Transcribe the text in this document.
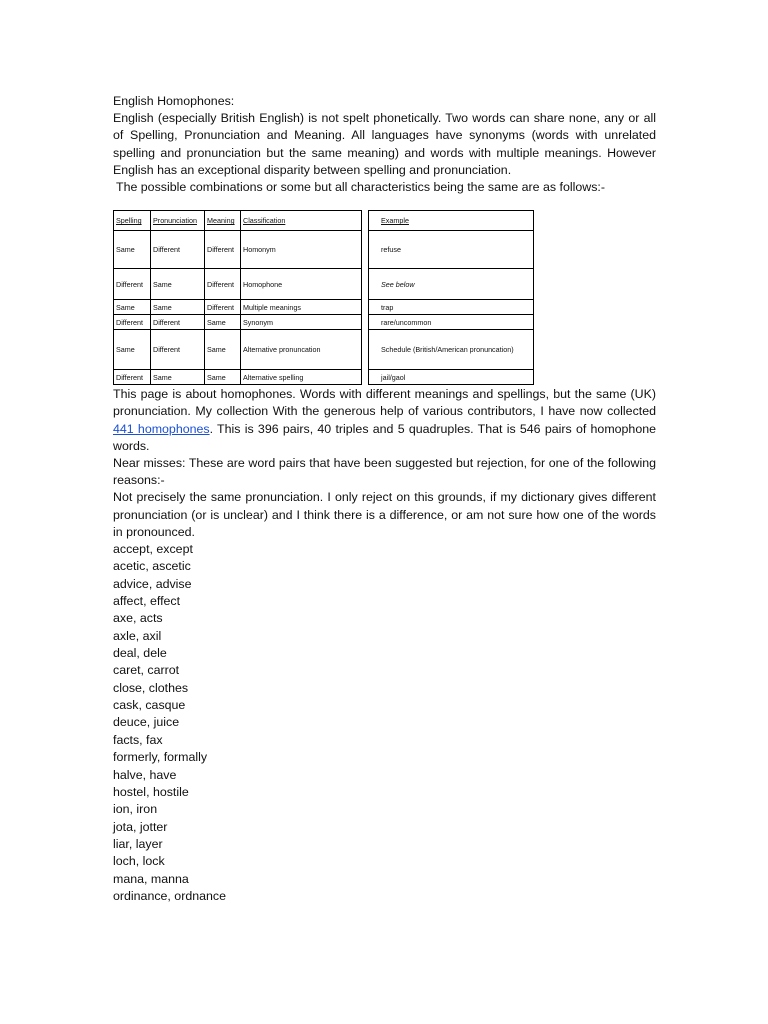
English Homophones:

English (especially British English) is not spelt phonetically. Two words can share none, any or all of Spelling, Pronunciation and Meaning. All languages have synonyms (words with unrelated spelling and pronunciation but the same meaning) and words with multiple meanings. However English has an exceptional disparity between spelling and pronunciation.

The possible combinations or some but all characteristics being the same are as follows:-

Spelling	Pronunciation	Meaning	Classification		Example
Same	Different	Different	Homonym		refuse
Different	Same	Different	Homophone		See below
Same	Same	Different	Multiple meanings		trap
Different	Different	Same	Synonym		rare/uncommon
Same	Different	Same	Alternative pronuncation		Schedule (British/American pronuncation)
Different	Same	Same	Alternative spelling		jail/gaol

This page is about homophones. Words with different meanings and spellings, but the same (UK) pronunciation. My collection With the generous help of various contributors, I have now collected 441 homophones. This is 396 pairs, 40 triples and 5 quadruples. That is 546 pairs of homophone words.

Near misses: These are word pairs that have been suggested but rejection, for one of the following reasons:-

Not precisely the same pronunciation. I only reject on this grounds, if my dictionary gives different pronunciation (or is unclear) and I think there is a difference, or am not sure how one of the words in pronounced.

accept, except
acetic, ascetic
advice, advise
affect, effect
axe, acts
axle, axil
deal, dele
caret, carrot
close, clothes
cask, casque
deuce, juice
facts, fax
formerly, formally
halve, have
hostel, hostile
ion, iron
jota, jotter
liar, layer
loch, lock
mana, manna
ordinance, ordnance
